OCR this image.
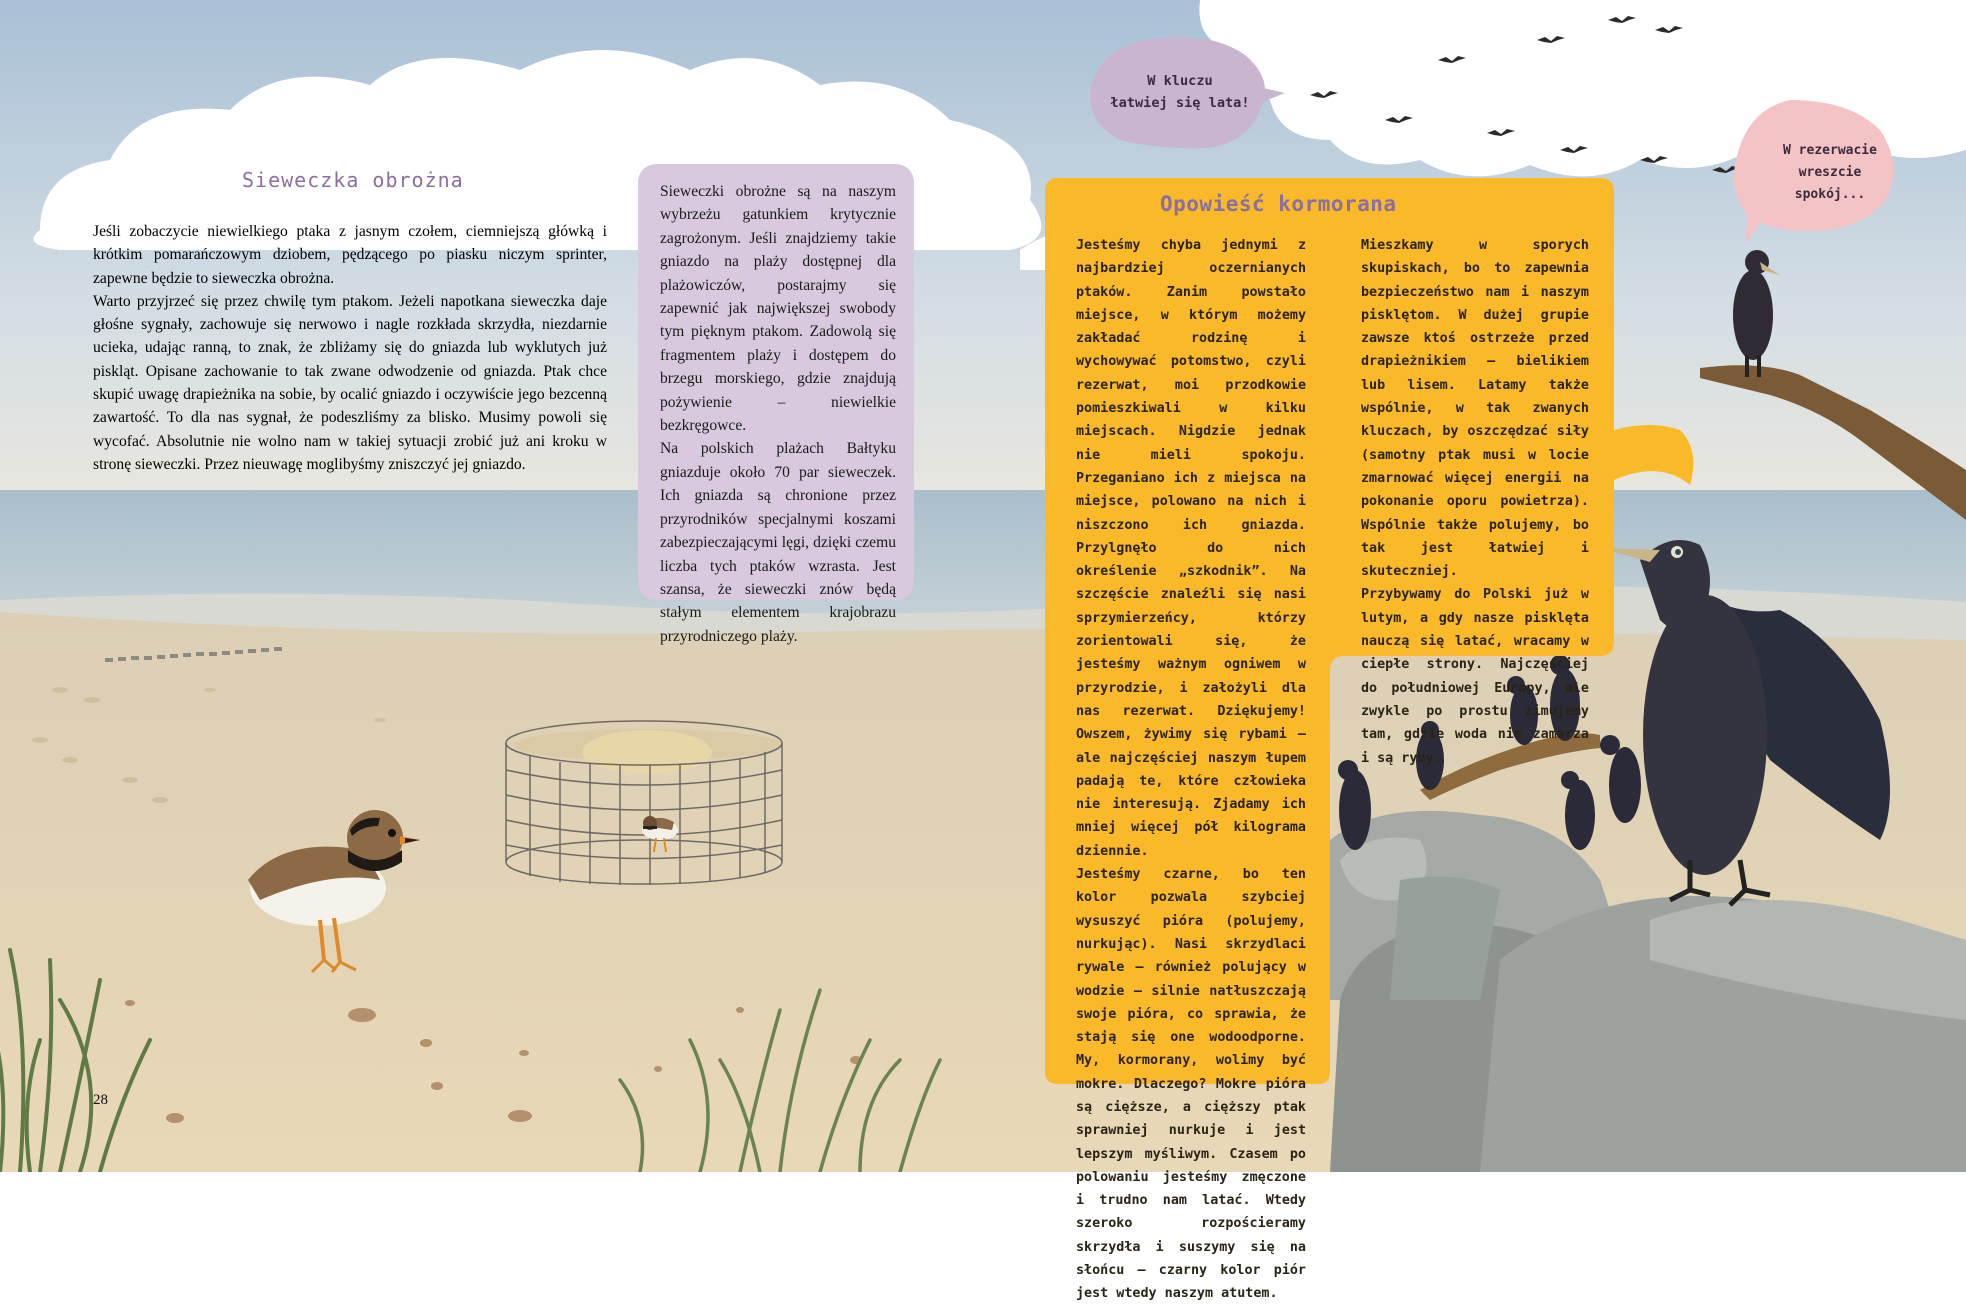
Sieweczka obrożna

Jeśli zobaczycie niewielkiego ptaka z jasnym czołem, ciemniejszą główką i krótkim pomarańczowym dziobem, pędzącego po piasku niczym sprinter, zapewne będzie to sieweczka obrożna.

Warto przyjrzeć się przez chwilę tym ptakom. Jeżeli napotkana sieweczka daje głośne sygnały, zachowuje się nerwowo i nagle rozkłada skrzydła, niezdarnie ucieka, udając ranną, to znak, że zbliżamy się do gniazda lub wyklutych już piskląt. Opisane zachowanie to tak zwane odwodzenie od gniazda. Ptak chce skupić uwagę drapieżnika na sobie, by ocalić gniazdo i oczywiście jego bezcenną zawartość. To dla nas sygnał, że podeszliśmy za blisko. Musimy powoli się wycofać. Absolutnie nie wolno nam w takiej sytuacji zrobić już ani kroku w stronę sieweczki. Przez nieuwagę moglibyśmy zniszczyć jej gniazdo.

Sieweczki obrożne są na naszym wybrzeżu gatunkiem krytycznie zagrożonym. Jeśli znajdziemy takie gniazdo na plaży dostępnej dla plażowiczów, postarajmy się zapewnić jak największej swobody tym pięknym ptakom. Zadowolą się fragmentem plaży i dostępem do brzegu morskiego, gdzie znajdują pożywienie – niewielkie bezkręgowce.

Na polskich plażach Bałtyku gniazduje około 70 par sieweczek. Ich gniazda są chronione przez przyrodników specjalnymi koszami zabezpieczającymi lęgi, dzięki czemu liczba tych ptaków wzrasta. Jest szansa, że sieweczki znów będą stałym elementem krajobrazu przyrodniczego plaży.

Opowieść kormorana

Jesteśmy chyba jednymi z najbardziej oczernianych ptaków. Zanim powstało miejsce, w którym możemy zakładać rodzinę i wychowywać potomstwo, czyli rezerwat, moi przodkowie pomieszkiwali w kilku miejscach. Nigdzie jednak nie mieli spokoju. Przeganiano ich z miejsca na miejsce, polowano na nich i niszczono ich gniazda. Przylgnęło do nich określenie „szkodnik”. Na szczęście znaleźli się nasi sprzymierzeńcy, którzy zorientowali się, że jesteśmy ważnym ogniwem w przyrodzie, i założyli dla nas rezerwat. Dziękujemy! Owszem, żywimy się rybami – ale najczęściej naszym łupem padają te, które człowieka nie interesują. Zjadamy ich mniej więcej pół kilograma dziennie.

Jesteśmy czarne, bo ten kolor pozwala szybciej wysuszyć pióra (polujemy, nurkując). Nasi skrzydlaci rywale – również polujący w wodzie – silnie natłuszczają swoje pióra, co sprawia, że stają się one wodoodporne. My, kormorany, wolimy być mokre. Dlaczego? Mokre pióra są cięższe, a cięższy ptak sprawniej nurkuje i jest lepszym myśliwym. Czasem po polowaniu jesteśmy zmęczone i trudno nam latać. Wtedy szeroko rozpościeramy skrzydła i suszymy się na słońcu – czarny kolor piór jest wtedy naszym atutem.

Mieszkamy w sporych skupiskach, bo to zapewnia bezpieczeństwo nam i naszym pisklętom. W dużej grupie zawsze ktoś ostrzeże przed drapieżnikiem – bielikiem lub lisem. Latamy także wspólnie, w tak zwanych kluczach, by oszczędzać siły (samotny ptak musi w locie zmarnować więcej energii na pokonanie oporu powietrza). Wspólnie także polujemy, bo tak jest łatwiej i skuteczniej.

Przybywamy do Polski już w lutym, a gdy nasze pisklęta nauczą się latać, wracamy w ciepłe strony. Najczęściej do południowej Europy, ale zwykle po prostu zimujemy tam, gdzie woda nie zamarza i są ryby.

W kluczu
łatwiej się lata!
W rezerwacie
wreszcie spokój...
28
